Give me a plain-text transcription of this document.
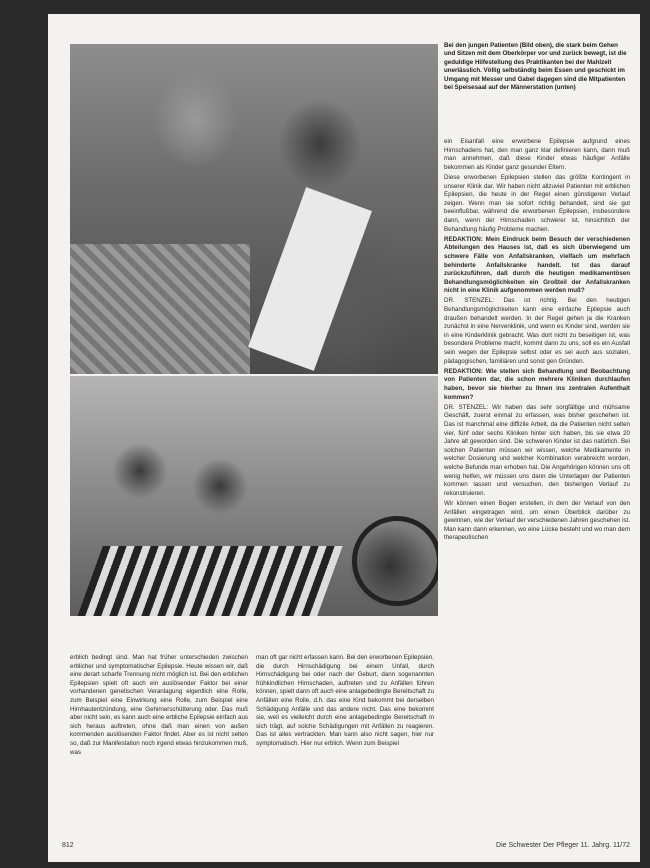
Bei den jungen Patienten (Bild oben), die stark beim Gehen und Sitzen mit dem Oberkörper vor und zurück bewegt, ist die geduldige Hilfestellung des Praktikanten bei der Mahlzeit unerlässlich. Völlig selbständig beim Essen und geschickt im Umgang mit Messer und Gabel dagegen sind die Mitpatienten bei Speisesaal auf der Männerstation (unten)

ein Eisanfall eine erworbene Epilepsie aufgrund eines Hirnschadens hat, den man ganz klar definieren kann, dann muß man annehmen, daß diese Kinder etwas häufiger Anfälle bekommen als Kinder ganz gesunder Eltern.

Diese erworbenen Epilepsien stellen das größte Kontingent in unserer Klinik dar. Wir haben nicht allzuviel Patienten mit erblichen Epilepsien, die heute in der Regel einen günstigeren Verlauf zeigen. Wenn man sie sofort richtig behandelt, sind sie gut beeinflußbar, während die erworbenen Epilepsien, insbesondere dann, wenn der Hirnschaden schwerer ist, hinsichtlich der Behandlung häufig Probleme machen.

REDAKTION: Mein Eindruck beim Besuch der verschiedenen Abteilungen des Hauses ist, daß es sich überwiegend um schwere Fälle von Anfallskranken, vielfach um mehrfach behinderte Anfallskranke handelt. Ist das darauf zurückzuführen, daß durch die heutigen medikamentösen Behandlungsmöglichkeiten ein Großteil der Anfallskranken nicht in eine Klinik aufgenommen werden muß?

DR. STENZEL: Das ist richtig. Bei den heutigen Behandlungsmöglichkeiten kann eine einfache Epilepsie auch draußen behandelt werden. In der Regel gehen ja die Kranken zunächst in eine Nervenklinik, und wenn es Kinder sind, werden sie in eine Kinderklinik gebracht. Was dort nicht zu beseitigen ist, was besondere Probleme macht, kommt dann zu uns, soll es ein Ausfall sein wegen der Epilepsie selbst oder es sei auch aus sozialen, pädagogischen, familiären und sonst gen Gründen.

REDAKTION: Wie stellen sich Behandlung und Beobachtung von Patienten dar, die schon mehrere Kliniken durchlaufen haben, bevor sie hierher zu Ihnen ins zentralen Aufenthalt kommen?

DR. STENZEL: Wir haben das sehr sorgfältige und mühsame Geschäft, zuerst einmal zu erfassen, was bisher geschehen ist. Das ist manchmal eine diffizile Arbeit, da die Patienten nicht selten vier, fünf oder sechs Kliniken hinter sich haben, bis sie etwa 20 Jahre alt geworden sind. Die schweren Kinder ist das natürlich. Bei solchen Patienten müssen wir wissen, welche Medikamente in welcher Dosierung und welcher Kombination verabreicht worden, welche Befunde man erhoben hat. Die Angehörigen können uns oft wenig helfen, wir müssen uns dann die Unterlagen der Patienten kommen lassen und versuchen, den bisherigen Verlauf zu rekonstruieren.

Wir können einen Bogen erstellen, in dem der Verlauf von den Anfällen eingetragen wird, um einen Überblick darüber zu gewinnen, wie der Verlauf der verschiedenen Jahren geschehen ist. Man kann dann erkennen, wo eine Lücke besteht und wo man dem therapeutischen

erblich bedingt sind. Man hat früher unterschieden zwischen erblicher und symptomatischer Epilepsie. Heute wissen wir, daß eine derart scharfe Trennung nicht möglich ist. Bei den erblichen Epilepsien spielt oft auch ein auslösender Faktor bei einer vorhandenen genetischen Veranlagung eigentlich eine Rolle, zum Beispiel eine Einwirkung eine Rolle, zum Beispiel eine Hirnhautentzündung, eine Gehirnerschütterung oder. Das muß aber nicht sein, es kann auch eine erbliche Epilepsie einfach aus sich heraus auftreten, ohne daß man einen von außen kommenden auslösenden Faktor findet. Aber es ist nicht selten so, daß zur Manifestation noch irgend etwas hinzukommen muß, was

man oft gar nicht erfassen kann. Bei den erworbenen Epilepsien, die durch Hirnschädigung bei einem Unfall, durch Hirnschädigung bei oder nach der Geburt, dann sogenannten frühkindlichen Hirnschaden, auftreten und zu Anfällen führen können, spielt dann oft auch eine anlagebedingte Bereitschaft zu Anfällen eine Rolle, d.h. das eine Kind bekommt bei derselben Schädigung Anfälle und das andere nicht. Das eine bekommt sie, weil es vielleicht durch eine anlagebedingte Bereitschaft in sich trägt, auf solche Schädigungen mit Anfällen zu reagieren. Das ist alles vertrackten. Man kann also nicht sagen, hier nur symptomatisch. Hier nur erblich. Wenn zum Beispiel

812	Die Schwester Der Pfleger 11. Jahrg. 11/72
